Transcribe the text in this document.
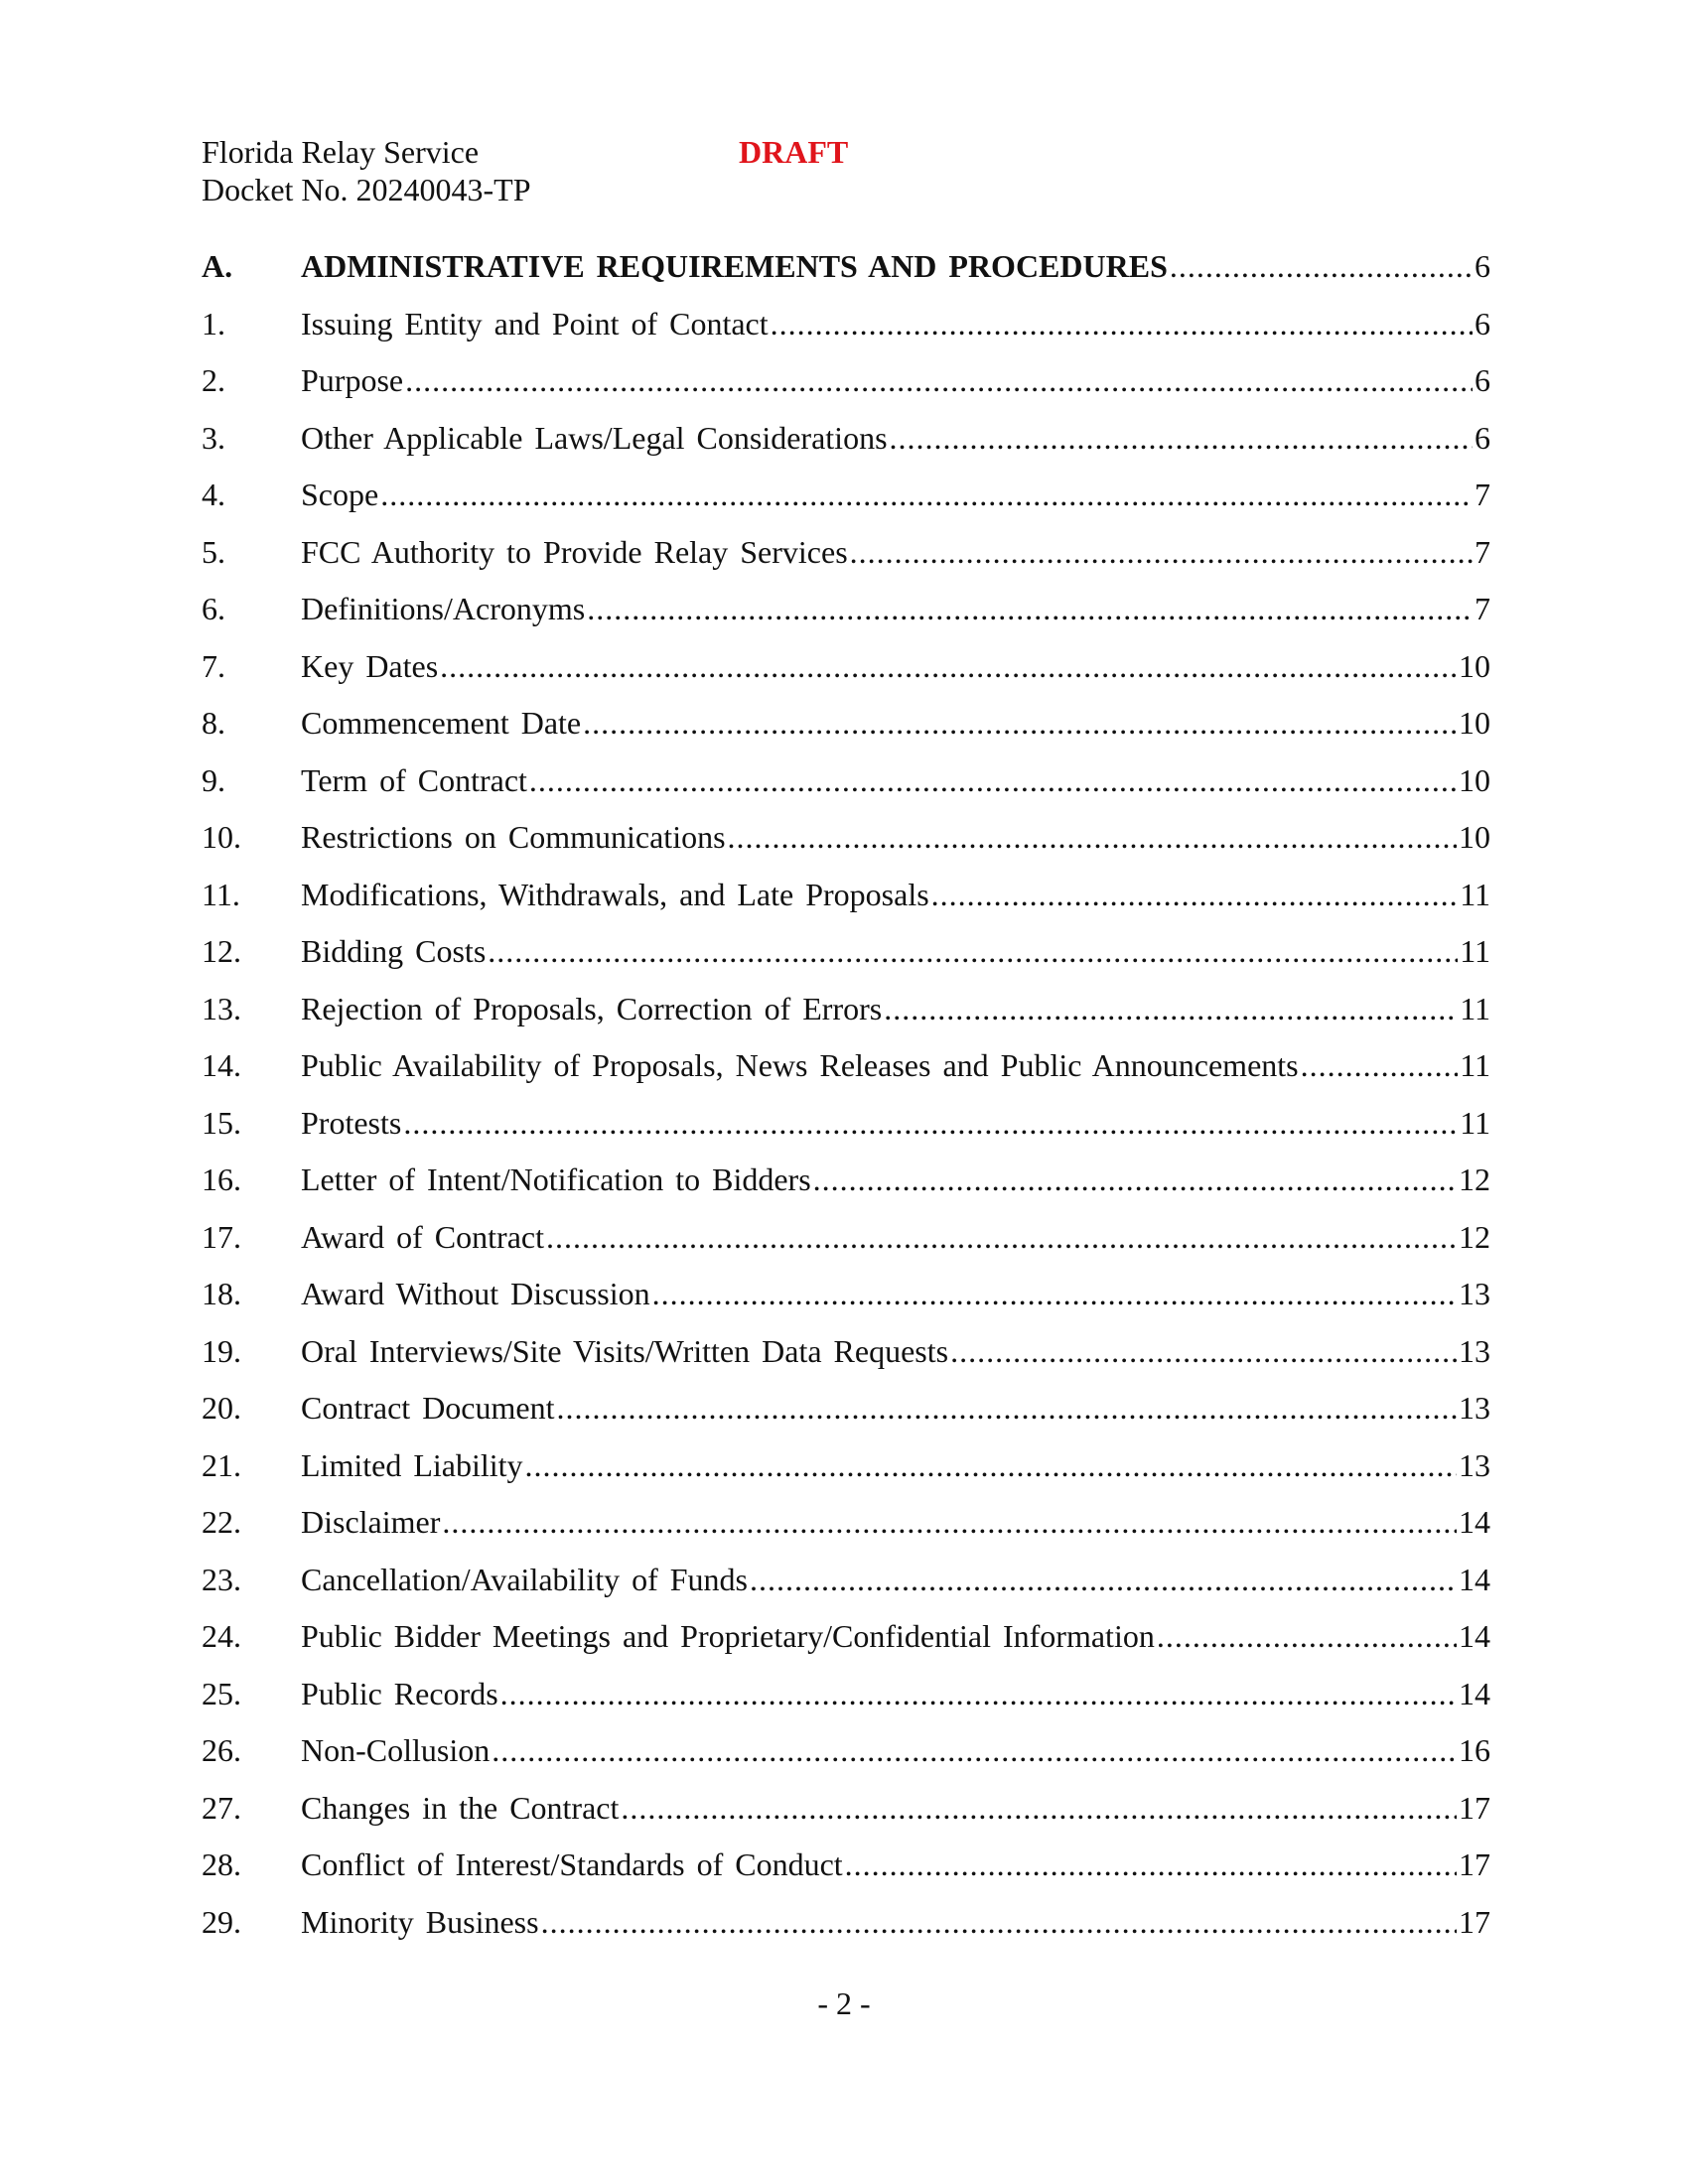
Florida Relay Service
Docket No. 20240043-TP
DRAFT
A.	ADMINISTRATIVE REQUIREMENTS AND PROCEDURES .....	6
1.	Issuing Entity and Point of Contact .....	6
2.	Purpose .....	6
3.	Other Applicable Laws/Legal Considerations .....	6
4.	Scope .....	7
5.	FCC Authority to Provide Relay Services .....	7
6.	Definitions/Acronyms .....	7
7.	Key Dates .....	10
8.	Commencement Date .....	10
9.	Term of Contract .....	10
10.	Restrictions on Communications .....	10
11.	Modifications, Withdrawals, and Late Proposals .....	11
12.	Bidding Costs .....	11
13.	Rejection of Proposals, Correction of Errors .....	11
14.	Public Availability of Proposals, News Releases and Public Announcements .....	11
15.	Protests .....	11
16.	Letter of Intent/Notification to Bidders .....	12
17.	Award of Contract .....	12
18.	Award Without Discussion .....	13
19.	Oral Interviews/Site Visits/Written Data Requests .....	13
20.	Contract Document .....	13
21.	Limited Liability .....	13
22.	Disclaimer .....	14
23.	Cancellation/Availability of Funds .....	14
24.	Public Bidder Meetings and Proprietary/Confidential Information .....	14
25.	Public Records .....	14
26.	Non-Collusion .....	16
27.	Changes in the Contract .....	17
28.	Conflict of Interest/Standards of Conduct .....	17
29.	Minority Business .....	17
- 2 -
